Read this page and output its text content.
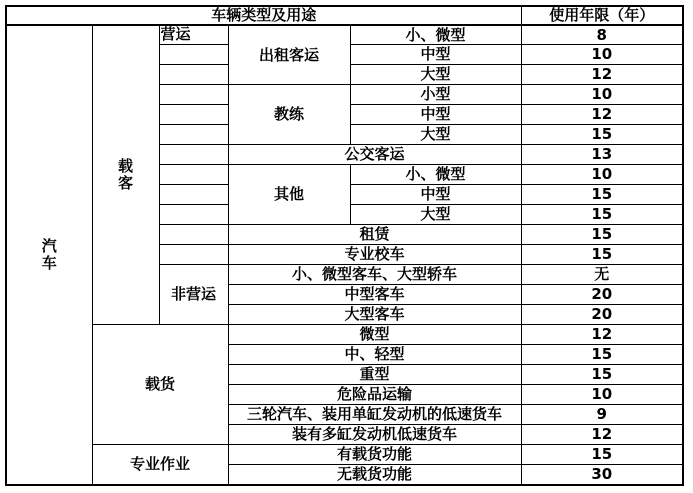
车辆类型及用途					使用年限（年）

汽车	载客	营运	出租客运	小、微型	8
				中型	10
				大型	12
			教练	小型	10
				中型	12
				大型	15
			公交客运		13
			其他	小、微型	10
				中型	15
				大型	15
			租赁		15
			专业校车		15
		非营运	小、微型客车、大型轿车		无
			中型客车		20
			大型客车		20
	载货		微型		12
			中、轻型		15
			重型		15
			危险品运输		10
			三轮汽车、装用单缸发动机的低速货车		9
			装有多缸发动机低速货车		12
	专业作业		有载货功能		15
			无载货功能		30
